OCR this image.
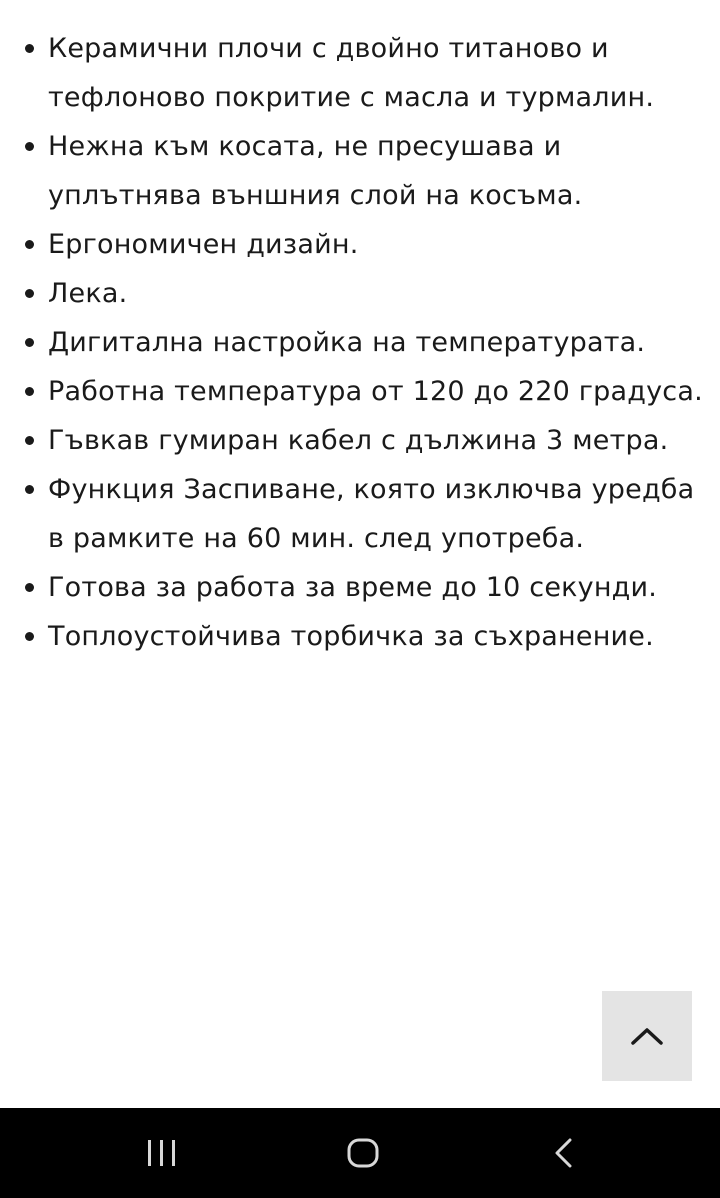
Керамични плочи с двойно титаново и тефлоново покритие с масла и турмалин.
Нежна към косата, не пресушава и уплътнява външния слой на косъма.
Ергономичен дизайн.
Лека.
Дигитална настройка на температурата.
Работна температура от 120 до 220 градуса.
Гъвкав гумиран кабел с дължина 3 метра.
Функция Заспиване, която изключва уредба в рамките на 60 мин. след употреба.
Готова за работа за време до 10 секунди.
Топлоустойчива торбичка за съхранение.
